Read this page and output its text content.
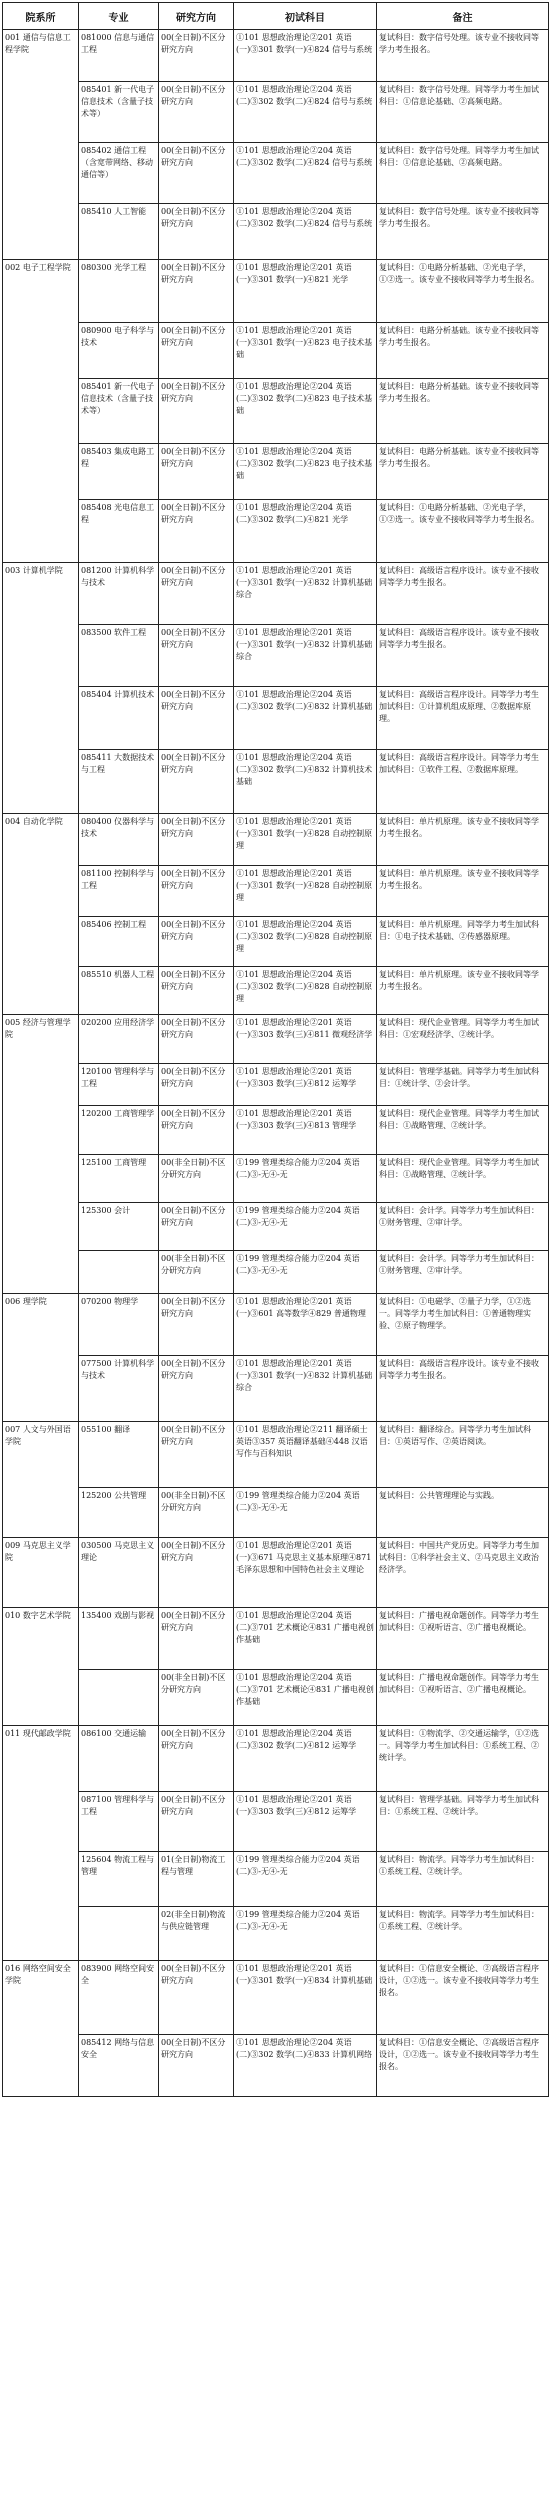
院系所	专业	研究方向	初试科目	备注
001 通信与信息工程学院	081000 信息与通信工程	00(全日制)不区分研究方向	①101 思想政治理论②201 英语(一)③301 数学(一)④824 信号与系统	复试科目：数字信号处理。该专业不接收同等学力考生报名。
	085401 新一代电子信息技术（含量子技术等）	00(全日制)不区分研究方向	①101 思想政治理论②204 英语(二)③302 数学(二)④824 信号与系统	复试科目：数字信号处理。同等学力考生加试科目：①信息论基础、②高频电路。
	085402 通信工程（含宽带网络、移动通信等）	00(全日制)不区分研究方向	①101 思想政治理论②204 英语(二)③302 数学(二)④824 信号与系统	复试科目：数字信号处理。同等学力考生加试科目：①信息论基础、②高频电路。
	085410 人工智能	00(全日制)不区分研究方向	①101 思想政治理论②204 英语(二)③302 数学(二)④824 信号与系统	复试科目：数字信号处理。该专业不接收同等学力考生报名。
002 电子工程学院	080300 光学工程	00(全日制)不区分研究方向	①101 思想政治理论②201 英语(一)③301 数学(一)④821 光学	复试科目：①电路分析基础、②光电子学，①②选一。该专业不接收同等学力考生报名。
	080900 电子科学与技术	00(全日制)不区分研究方向	①101 思想政治理论②201 英语(一)③301 数学(一)④823 电子技术基础	复试科目：电路分析基础。该专业不接收同等学力考生报名。
	085401 新一代电子信息技术（含量子技术等）	00(全日制)不区分研究方向	①101 思想政治理论②204 英语(二)③302 数学(二)④823 电子技术基础	复试科目：电路分析基础。该专业不接收同等学力考生报名。
	085403 集成电路工程	00(全日制)不区分研究方向	①101 思想政治理论②204 英语(二)③302 数学(二)④823 电子技术基础	复试科目：电路分析基础。该专业不接收同等学力考生报名。
	085408 光电信息工程	00(全日制)不区分研究方向	①101 思想政治理论②204 英语(二)③302 数学(二)④821 光学	复试科目：①电路分析基础、②光电子学，①②选一。该专业不接收同等学力考生报名。
003 计算机学院	081200 计算机科学与技术	00(全日制)不区分研究方向	①101 思想政治理论②201 英语(一)③301 数学(一)④832 计算机基础综合	复试科目：高级语言程序设计。该专业不接收同等学力考生报名。
	083500 软件工程	00(全日制)不区分研究方向	①101 思想政治理论②201 英语(一)③301 数学(一)④832 计算机基础综合	复试科目：高级语言程序设计。该专业不接收同等学力考生报名。
	085404 计算机技术	00(全日制)不区分研究方向	①101 思想政治理论②204 英语(二)③302 数学(二)④832 计算机基础	复试科目：高级语言程序设计。同等学力考生加试科目：①计算机组成原理、②数据库原理。
	085411 大数据技术与工程	00(全日制)不区分研究方向	①101 思想政治理论②204 英语(二)③302 数学(二)④832 计算机技术基础	复试科目：高级语言程序设计。同等学力考生加试科目：①软件工程、②数据库原理。
004 自动化学院	080400 仪器科学与技术	00(全日制)不区分研究方向	①101 思想政治理论②201 英语(一)③301 数学(一)④828 自动控制原理	复试科目：单片机原理。该专业不接收同等学力考生报名。
	081100 控制科学与工程	00(全日制)不区分研究方向	①101 思想政治理论②201 英语(一)③301 数学(一)④828 自动控制原理	复试科目：单片机原理。该专业不接收同等学力考生报名。
	085406 控制工程	00(全日制)不区分研究方向	①101 思想政治理论②204 英语(二)③302 数学(二)④828 自动控制原理	复试科目：单片机原理。同等学力考生加试科目：①电子技术基础、②传感器原理。
	085510 机器人工程	00(全日制)不区分研究方向	①101 思想政治理论②204 英语(二)③302 数学(二)④828 自动控制原理	复试科目：单片机原理。该专业不接收同等学力考生报名。
005 经济与管理学院	020200 应用经济学	00(全日制)不区分研究方向	①101 思想政治理论②201 英语(一)③303 数学(三)④811 微观经济学	复试科目：现代企业管理。同等学力考生加试科目：①宏观经济学、②统计学。
	120100 管理科学与工程	00(全日制)不区分研究方向	①101 思想政治理论②201 英语(一)③303 数学(三)④812 运筹学	复试科目：管理学基础。同等学力考生加试科目：①统计学、②会计学。
	120200 工商管理学	00(全日制)不区分研究方向	①101 思想政治理论②201 英语(一)③303 数学(三)④813 管理学	复试科目：现代企业管理。同等学力考生加试科目：①战略管理、②统计学。
	125100 工商管理	00(非全日制)不区分研究方向	①199 管理类综合能力②204 英语(二)③-无④-无	复试科目：现代企业管理。同等学力考生加试科目：①战略管理、②统计学。
	125300 会计	00(全日制)不区分研究方向	①199 管理类综合能力②204 英语(二)③-无④-无	复试科目：会计学。同等学力考生加试科目：①财务管理、②审计学。
		00(非全日制)不区分研究方向	①199 管理类综合能力②204 英语(二)③-无④-无	复试科目：会计学。同等学力考生加试科目：①财务管理、②审计学。
006 理学院	070200 物理学	00(全日制)不区分研究方向	①101 思想政治理论②201 英语(一)③601 高等数学④829 普通物理	复试科目：①电磁学、②量子力学，①②选一。同等学力考生加试科目：①普通物理实验、②原子物理学。
	077500 计算机科学与技术	00(全日制)不区分研究方向	①101 思想政治理论②201 英语(一)③301 数学(一)④832 计算机基础综合	复试科目：高级语言程序设计。该专业不接收同等学力考生报名。
007 人文与外国语学院	055100 翻译	00(全日制)不区分研究方向	①101 思想政治理论②211 翻译硕士英语③357 英语翻译基础④448 汉语写作与百科知识	复试科目：翻译综合。同等学力考生加试科目：①英语写作、②英语阅读。
	125200 公共管理	00(非全日制)不区分研究方向	①199 管理类综合能力②204 英语(二)③-无④-无	复试科目：公共管理理论与实践。
009 马克思主义学院	030500 马克思主义理论	00(全日制)不区分研究方向	①101 思想政治理论②201 英语(一)③671 马克思主义基本原理④871 毛泽东思想和中国特色社会主义理论	复试科目：中国共产党历史。同等学力考生加试科目：①科学社会主义、②马克思主义政治经济学。
010 数字艺术学院	135400 戏剧与影视	00(全日制)不区分研究方向	①101 思想政治理论②204 英语(二)③701 艺术概论④831 广播电视创作基础	复试科目：广播电视命题创作。同等学力考生加试科目：①视听语言、②广播电视概论。
		00(非全日制)不区分研究方向	①101 思想政治理论②204 英语(二)③701 艺术概论④831 广播电视创作基础	复试科目：广播电视命题创作。同等学力考生加试科目：①视听语言、②广播电视概论。
011 现代邮政学院	086100 交通运输	00(全日制)不区分研究方向	①101 思想政治理论②204 英语(二)③302 数学(二)④812 运筹学	复试科目：①物流学、②交通运输学，①②选一。同等学力考生加试科目：①系统工程、②统计学。
	087100 管理科学与工程	00(全日制)不区分研究方向	①101 思想政治理论②201 英语(一)③303 数学(三)④812 运筹学	复试科目：管理学基础。同等学力考生加试科目：①系统工程、②统计学。
	125604 物流工程与管理	01(全日制)物流工程与管理	①199 管理类综合能力②204 英语(二)③-无④-无	复试科目：物流学。同等学力考生加试科目：①系统工程、②统计学。
		02(非全日制)物流与供应链管理	①199 管理类综合能力②204 英语(二)③-无④-无	复试科目：物流学。同等学力考生加试科目：①系统工程、②统计学。
016 网络空间安全学院	083900 网络空间安全	00(全日制)不区分研究方向	①101 思想政治理论②201 英语(一)③301 数学(一)④834 计算机基础	复试科目：①信息安全概论、②高级语言程序设计，①②选一。该专业不接收同等学力考生报名。
	085412 网络与信息安全	00(全日制)不区分研究方向	①101 思想政治理论②204 英语(二)③302 数学(二)④833 计算机网络	复试科目：①信息安全概论、②高级语言程序设计，①②选一。该专业不接收同等学力考生报名。
